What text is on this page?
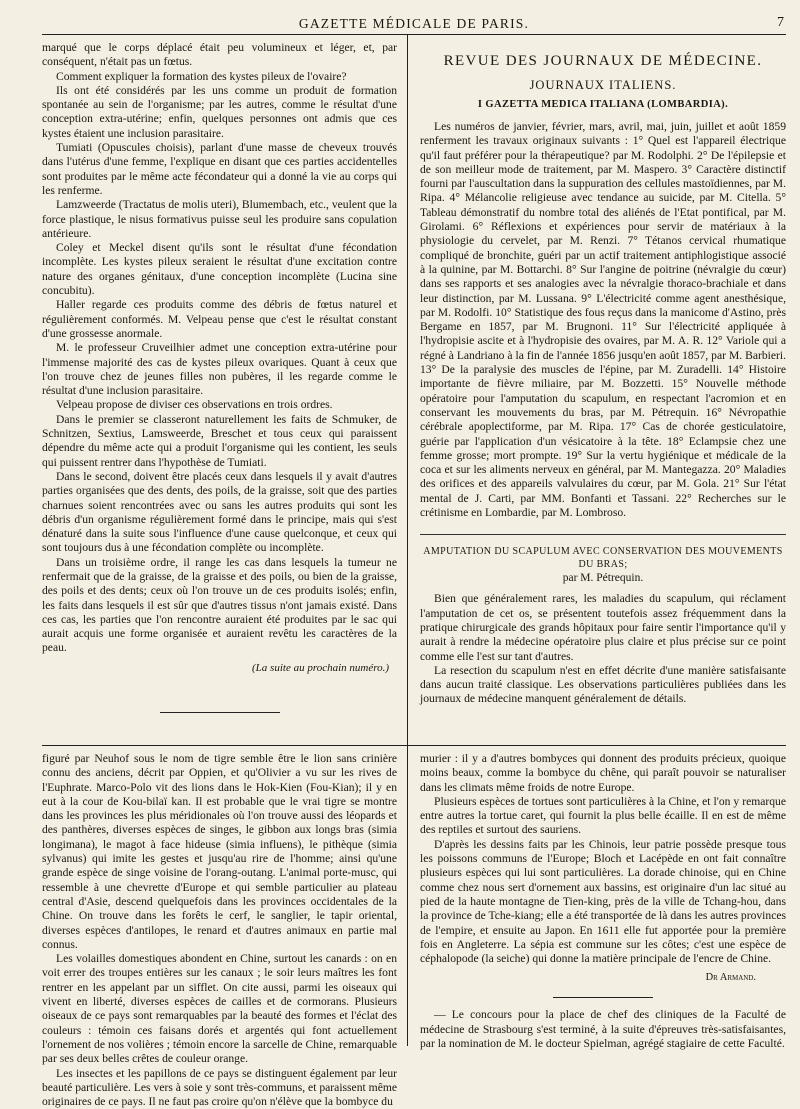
GAZETTE MÉDICALE DE PARIS.	7

marqué que le corps déplacé était peu volumineux et léger, et, par conséquent, n'était pas un fœtus.

Comment expliquer la formation des kystes pileux de l'ovaire?

Ils ont été considérés par les uns comme un produit de formation spontanée au sein de l'organisme; par les autres, comme le résultat d'une conception extra-utérine; enfin, quelques personnes ont admis que ces kystes étaient une inclusion parasitaire.

Tumiati (Opuscules choisis), parlant d'une masse de cheveux trouvés dans l'utérus d'une femme, l'explique en disant que ces parties accidentelles sont produites par le même acte fécondateur qui a donné la vie au corps qui les renferme.

Lamzweerde (Tractatus de molis uteri), Blumembach, etc., veulent que la force plastique, le nisus formativus puisse seul les produire sans copulation antérieure.

Coley et Meckel disent qu'ils sont le résultat d'une fécondation incomplète. Les kystes pileux seraient le résultat d'une excitation contre nature des organes génitaux, d'une conception incomplète (Lucina sine concubitu).

Haller regarde ces produits comme des débris de fœtus naturel et régulièrement conformés. M. Velpeau pense que c'est le résultat constant d'une grossesse anormale.

M. le professeur Cruveilhier admet une conception extra-utérine pour l'immense majorité des cas de kystes pileux ovariques. Quant à ceux que l'on trouve chez de jeunes filles non pubères, il les regarde comme le résultat d'une inclusion parasitaire.

Velpeau propose de diviser ces observations en trois ordres.

Dans le premier se classeront naturellement les faits de Schmuker, de Schnitzen, Sextius, Lamsweerde, Breschet et tous ceux qui paraissent dépendre du même acte qui a produit l'organisme qui les contient, les seuls qui puissent rentrer dans l'hypothèse de Tumiati.

Dans le second, doivent être placés ceux dans lesquels il y avait d'autres parties organisées que des dents, des poils, de la graisse, soit que des parties charnues soient rencontrées avec ou sans les autres produits qui sont les débris d'un organisme régulièrement formé dans le principe, mais qui s'est dénaturé dans la suite sous l'influence d'une cause quelconque, et ceux qui sont toujours dus à une fécondation complète ou incomplète.

Dans un troisième ordre, il range les cas dans lesquels la tumeur ne renfermait que de la graisse, de la graisse et des poils, ou bien de la graisse, des poils et des dents; ceux où l'on trouve un de ces produits isolés; enfin, les faits dans lesquels il est sûr que d'autres tissus n'ont jamais existé. Dans ces cas, les parties que l'on rencontre auraient été produites par le sac qui aurait acquis une forme organisée et auraient revêtu les caractères de la peau.

(La suite au prochain numéro.)
REVUE DES JOURNAUX DE MÉDECINE.
JOURNAUX ITALIENS.
I GAZETTA MEDICA ITALIANA (LOMBARDIA).

Les numéros de janvier, février, mars, avril, mai, juin, juillet et août 1859 renferment les travaux originaux suivants : 1° Quel est l'appareil électrique qu'il faut préférer pour la thérapeutique? par M. Rodolphi. 2° De l'épilepsie et de son meilleur mode de traitement, par M. Maspero. 3° Caractère distinctif fourni par l'auscultation dans la suppuration des cellules mastoïdiennes, par M. Ripa. 4° Mélancolie religieuse avec tendance au suicide, par M. Citella. 5° Tableau démonstratif du nombre total des aliénés de l'Etat pontifical, par M. Girolami. 6° Réflexions et expériences pour servir de matériaux à la physiologie du cervelet, par M. Renzi. 7° Tétanos cervical rhumatique compliqué de bronchite, guéri par un actif traitement antiphlogistique associé à la quinine, par M. Bottarchi. 8° Sur l'angine de poitrine (névralgie du cœur) dans ses rapports et ses analogies avec la névralgie thoraco-brachiale et dans leur distinction, par M. Lussana. 9° L'électricité comme agent anesthésique, par M. Rodolfi. 10° Statistique des fous reçus dans la manicome d'Astino, près Bergame en 1857, par M. Brugnoni. 11° Sur l'électricité appliquée à l'hydropisie ascite et à l'hydropisie des ovaires, par M. A. R. 12° Variole qui a régné à Landriano à la fin de l'année 1856 jusqu'en août 1857, par M. Barbieri. 13° De la paralysie des muscles de l'épine, par M. Zuradelli. 14° Histoire importante de fièvre miliaire, par M. Bozzetti. 15° Nouvelle méthode opératoire pour l'amputation du scapulum, en respectant l'acromion et en conservant les mouvements du bras, par M. Pétrequin. 16° Névropathie cérébrale apoplectiforme, par M. Ripa. 17° Cas de chorée gesticulatoire, guérie par l'application d'un vésicatoire à la tête. 18° Eclampsie chez une femme grosse; mort prompte. 19° Sur la vertu hygiénique et médicale de la coca et sur les aliments nerveux en général, par M. Mantegazza. 20° Maladies des orifices et des appareils valvulaires du cœur, par M. Gola. 21° Sur l'état mental de J. Carti, par MM. Bonfanti et Tassani. 22° Recherches sur le crétinisme en Lombardie, par M. Lombroso.

AMPUTATION DU SCAPULUM AVEC CONSERVATION DES MOUVEMENTS DU BRAS;
par M. Pétrequin.

Bien que généralement rares, les maladies du scapulum, qui réclament l'amputation de cet os, se présentent toutefois assez fréquemment dans la pratique chirurgicale des grands hôpitaux pour faire sentir l'importance qu'il y aurait à rendre la médecine opératoire plus claire et plus précise sur ce point comme elle l'est sur tant d'autres.

La resection du scapulum n'est en effet décrite d'une manière satisfaisante dans aucun traité classique. Les observations particulières publiées dans les journaux de médecine manquent généralement de détails.

figuré par Neuhof sous le nom de tigre semble être le lion sans crinière connu des anciens, décrit par Oppien, et qu'Olivier a vu sur les rives de l'Euphrate. Marco-Polo vit des lions dans le Hok-Kien (Fou-Kian); il y en eut à la cour de Kou-bilaï kan. Il est probable que le vrai tigre se montre dans les provinces les plus méridionales où l'on trouve aussi des léopards et des panthères, diverses espèces de singes, le gibbon aux longs bras (simia longimana), le magot à face hideuse (simia influens), le pithèque (simia sylvanus) qui imite les gestes et jusqu'au rire de l'homme; ainsi qu'une grande espèce de singe voisine de l'orang-outang. L'animal porte-musc, qui ressemble à une chevrette d'Europe et qui semble particulier au plateau central d'Asie, descend quelquefois dans les provinces occidentales de la Chine. On trouve dans les forêts le cerf, le sanglier, le tapir oriental, diverses espèces d'antilopes, le renard et d'autres animaux en partie mal connus.

Les volailles domestiques abondent en Chine, surtout les canards : on en voit errer des troupes entières sur les canaux ; le soir leurs maîtres les font rentrer en les appelant par un sifflet. On cite aussi, parmi les oiseaux qui vivent en liberté, diverses espèces de cailles et de cormorans. Plusieurs oiseaux de ce pays sont remarquables par la beauté des formes et l'éclat des couleurs : témoin ces faisans dorés et argentés qui font actuellement l'ornement de nos volières ; témoin encore la sarcelle de Chine, remarquable par ses deux belles crêtes de couleur orange.

Les insectes et les papillons de ce pays se distinguent également par leur beauté particulière. Les vers à soie y sont très-communs, et paraissent même originaires de ce pays. Il ne faut pas croire qu'on n'élève que la bombyce du

murier : il y a d'autres bombyces qui donnent des produits précieux, quoique moins beaux, comme la bombyce du chêne, qui paraît pouvoir se naturaliser dans les climats même froids de notre Europe.

Plusieurs espèces de tortues sont particulières à la Chine, et l'on y remarque entre autres la tortue caret, qui fournit la plus belle écaille. Il en est de même des reptiles et surtout des sauriens.

D'après les dessins faits par les Chinois, leur patrie possède presque tous les poissons communs de l'Europe; Bloch et Lacépède en ont fait connaître plusieurs espèces qui lui sont particulières. La dorade chinoise, qui en Chine comme chez nous sert d'ornement aux bassins, est originaire d'un lac situé au pied de la haute montagne de Tien-king, près de la ville de Tchang-hou, dans la province de Tche-kiang; elle a été transportée de là dans les autres provinces de l'empire, et ensuite au Japon. En 1611 elle fut apportée pour la première fois en Angleterre. La sépia est commune sur les côtes; c'est une espèce de céphalopode (la seiche) qui donne la matière principale de l'encre de Chine.

Dr Armand.

— Le concours pour la place de chef des cliniques de la Faculté de médecine de Strasbourg s'est terminé, à la suite d'épreuves très-satisfaisantes, par la nomination de M. le docteur Spielman, agrégé stagiaire de cette Faculté.
